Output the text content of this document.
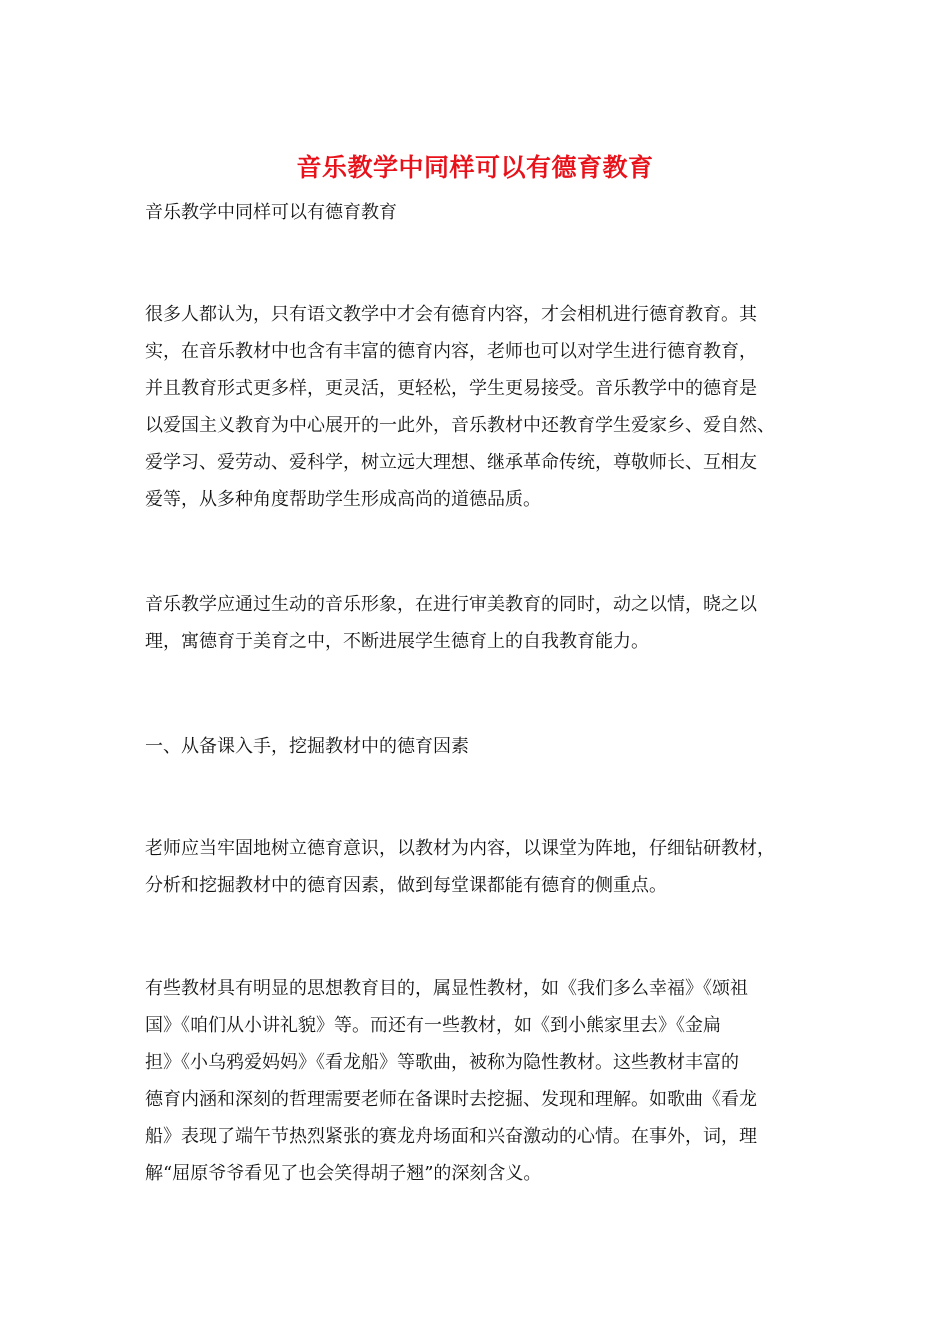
音乐教学中同样可以有德育教育
音乐教学中同样可以有德育教育
很多人都认为，只有语文教学中才会有德育内容，才会相机进行德育教育。其
实，在音乐教材中也含有丰富的德育内容，老师也可以对学生进行德育教育，
并且教育形式更多样，更灵活，更轻松，学生更易接受。音乐教学中的德育是
以爱国主义教育为中心展开的一此外，音乐教材中还教育学生爱家乡、爱自然、
爱学习、爱劳动、爱科学，树立远大理想、继承革命传统，尊敬师长、互相友
爱等，从多种角度帮助学生形成高尚的道德品质。
音乐教学应通过生动的音乐形象，在进行审美教育的同时，动之以情，晓之以
理，寓德育于美育之中，不断进展学生德育上的自我教育能力。
一、从备课入手，挖掘教材中的德育因素
老师应当牢固地树立德育意识，以教材为内容，以课堂为阵地，仔细钻研教材，
分析和挖掘教材中的德育因素，做到每堂课都能有德育的侧重点。
有些教材具有明显的思想教育目的，属显性教材，如《我们多么幸福》《颂祖
国》《咱们从小讲礼貌》等。而还有一些教材，如《到小熊家里去》《金扁
担》《小乌鸦爱妈妈》《看龙船》等歌曲，被称为隐性教材。这些教材丰富的
德育内涵和深刻的哲理需要老师在备课时去挖掘、发现和理解。如歌曲《看龙
船》表现了端午节热烈紧张的赛龙舟场面和兴奋激动的心情。在事外，词，理
解“屈原爷爷看见了也会笑得胡子翘”的深刻含义。
